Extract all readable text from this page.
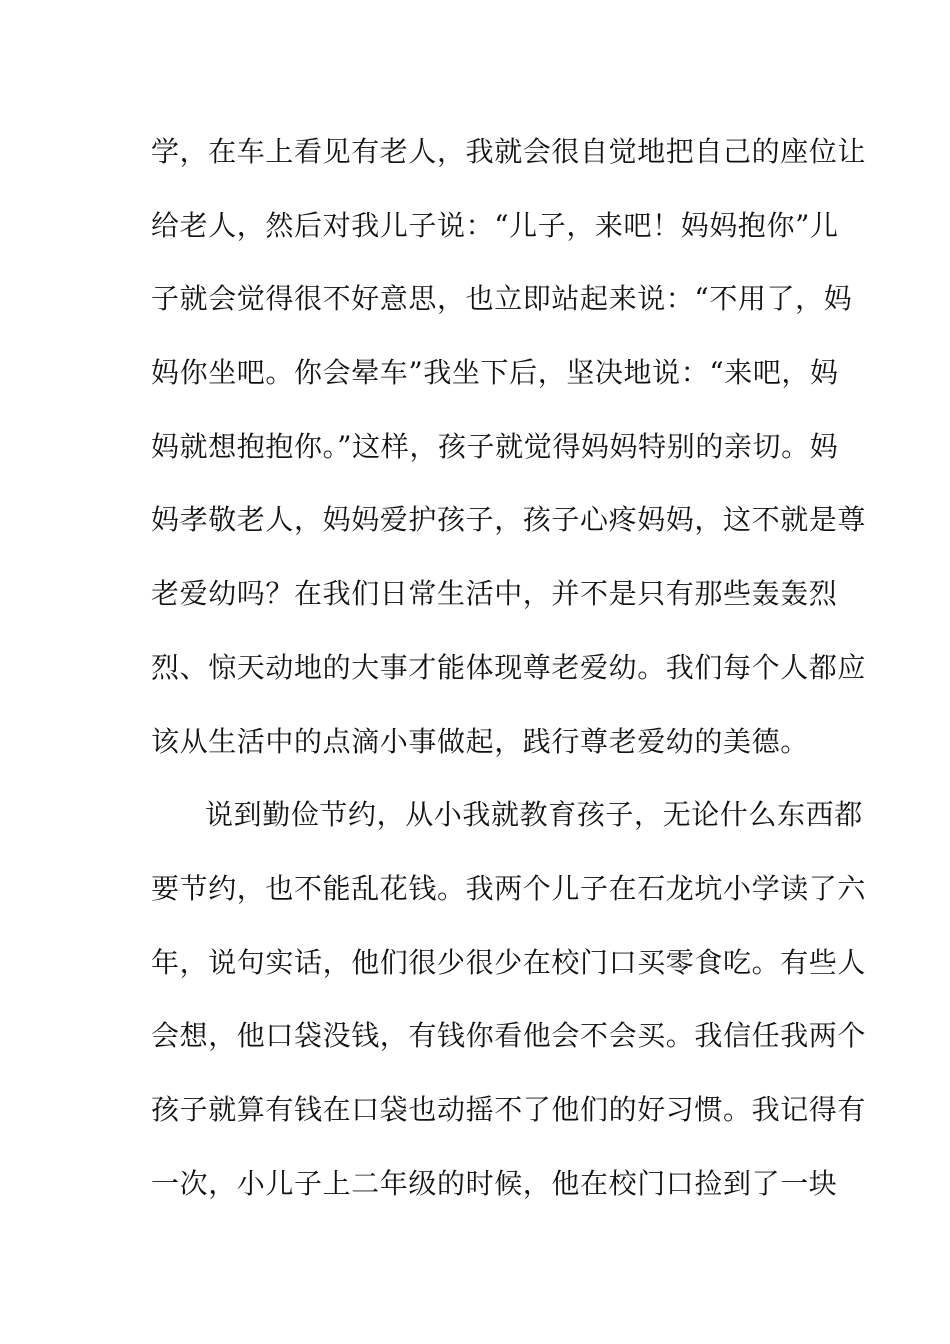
学，在车上看见有老人，我就会很自觉地把自己的座位让
给老人，然后对我儿子说：“儿子，来吧！妈妈抱你”儿
子就会觉得很不好意思，也立即站起来说：“不用了，妈
妈你坐吧。你会晕车”我坐下后，坚决地说：“来吧，妈
妈就想抱抱你。”这样，孩子就觉得妈妈特别的亲切。妈
妈孝敬老人，妈妈爱护孩子，孩子心疼妈妈，这不就是尊
老爱幼吗？在我们日常生活中，并不是只有那些轰轰烈
烈、惊天动地的大事才能体现尊老爱幼。我们每个人都应
该从生活中的点滴小事做起，践行尊老爱幼的美德。
说到勤俭节约，从小我就教育孩子，无论什么东西都
要节约，也不能乱花钱。我两个儿子在石龙坑小学读了六
年，说句实话，他们很少很少在校门口买零食吃。有些人
会想，他口袋没钱，有钱你看他会不会买。我信任我两个
孩子就算有钱在口袋也动摇不了他们的好习惯。我记得有
一次，小儿子上二年级的时候，他在校门口捡到了一块
